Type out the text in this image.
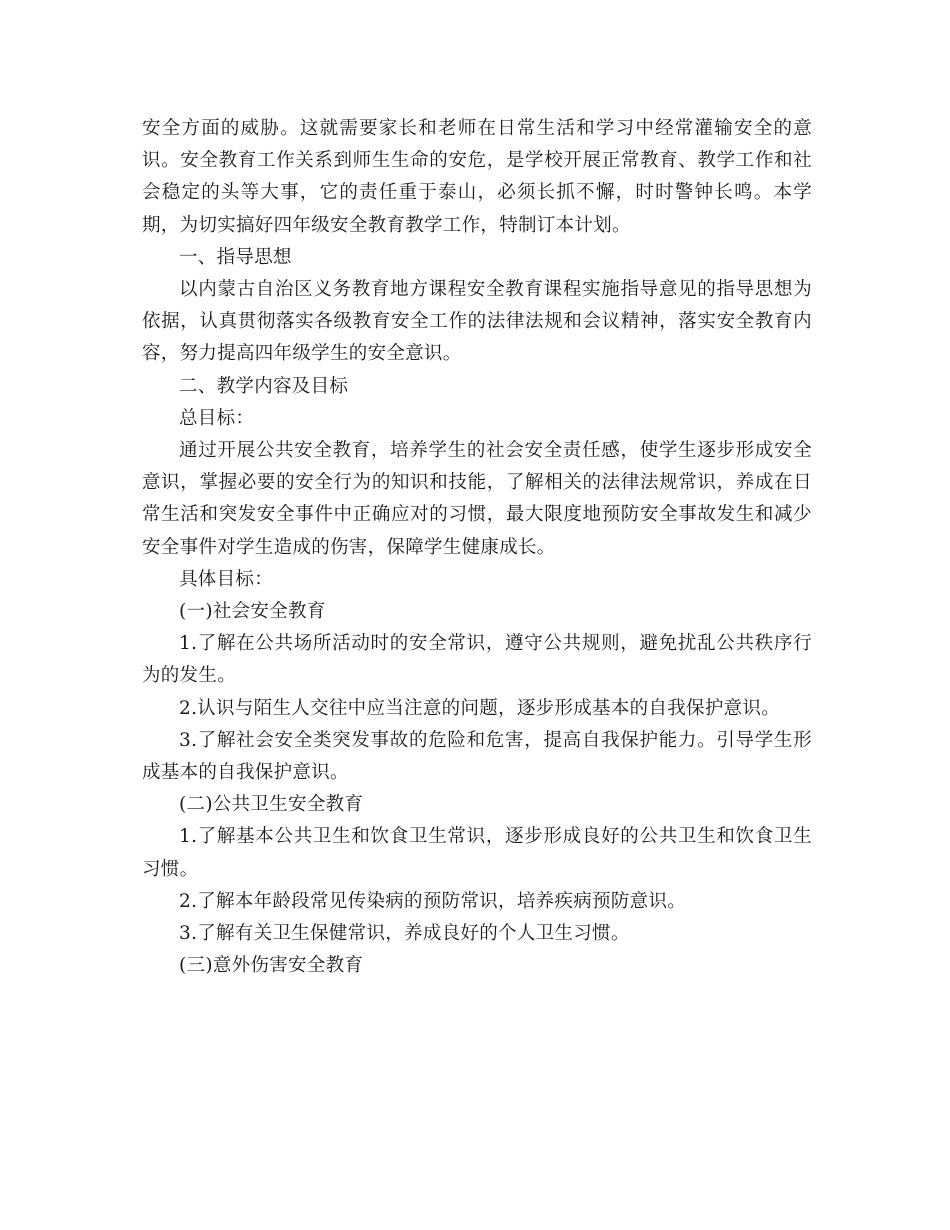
安全方面的威胁。这就需要家长和老师在日常生活和学习中经常灌输安全的意识。安全教育工作关系到师生生命的安危，是学校开展正常教育、教学工作和社会稳定的头等大事，它的责任重于泰山，必须长抓不懈，时时警钟长鸣。本学期，为切实搞好四年级安全教育教学工作，特制订本计划。

一、指导思想

以内蒙古自治区义务教育地方课程安全教育课程实施指导意见的指导思想为依据，认真贯彻落实各级教育安全工作的法律法规和会议精神，落实安全教育内容，努力提高四年级学生的安全意识。

二、教学内容及目标

总目标：

通过开展公共安全教育，培养学生的社会安全责任感，使学生逐步形成安全意识，掌握必要的安全行为的知识和技能，了解相关的法律法规常识，养成在日常生活和突发安全事件中正确应对的习惯，最大限度地预防安全事故发生和减少安全事件对学生造成的伤害，保障学生健康成长。

具体目标：

(一)社会安全教育

1.了解在公共场所活动时的安全常识，遵守公共规则，避免扰乱公共秩序行为的发生。

2.认识与陌生人交往中应当注意的问题，逐步形成基本的自我保护意识。

3.了解社会安全类突发事故的危险和危害，提高自我保护能力。引导学生形成基本的自我保护意识。

(二)公共卫生安全教育

1.了解基本公共卫生和饮食卫生常识，逐步形成良好的公共卫生和饮食卫生习惯。

2.了解本年龄段常见传染病的预防常识，培养疾病预防意识。

3.了解有关卫生保健常识，养成良好的个人卫生习惯。

(三)意外伤害安全教育
